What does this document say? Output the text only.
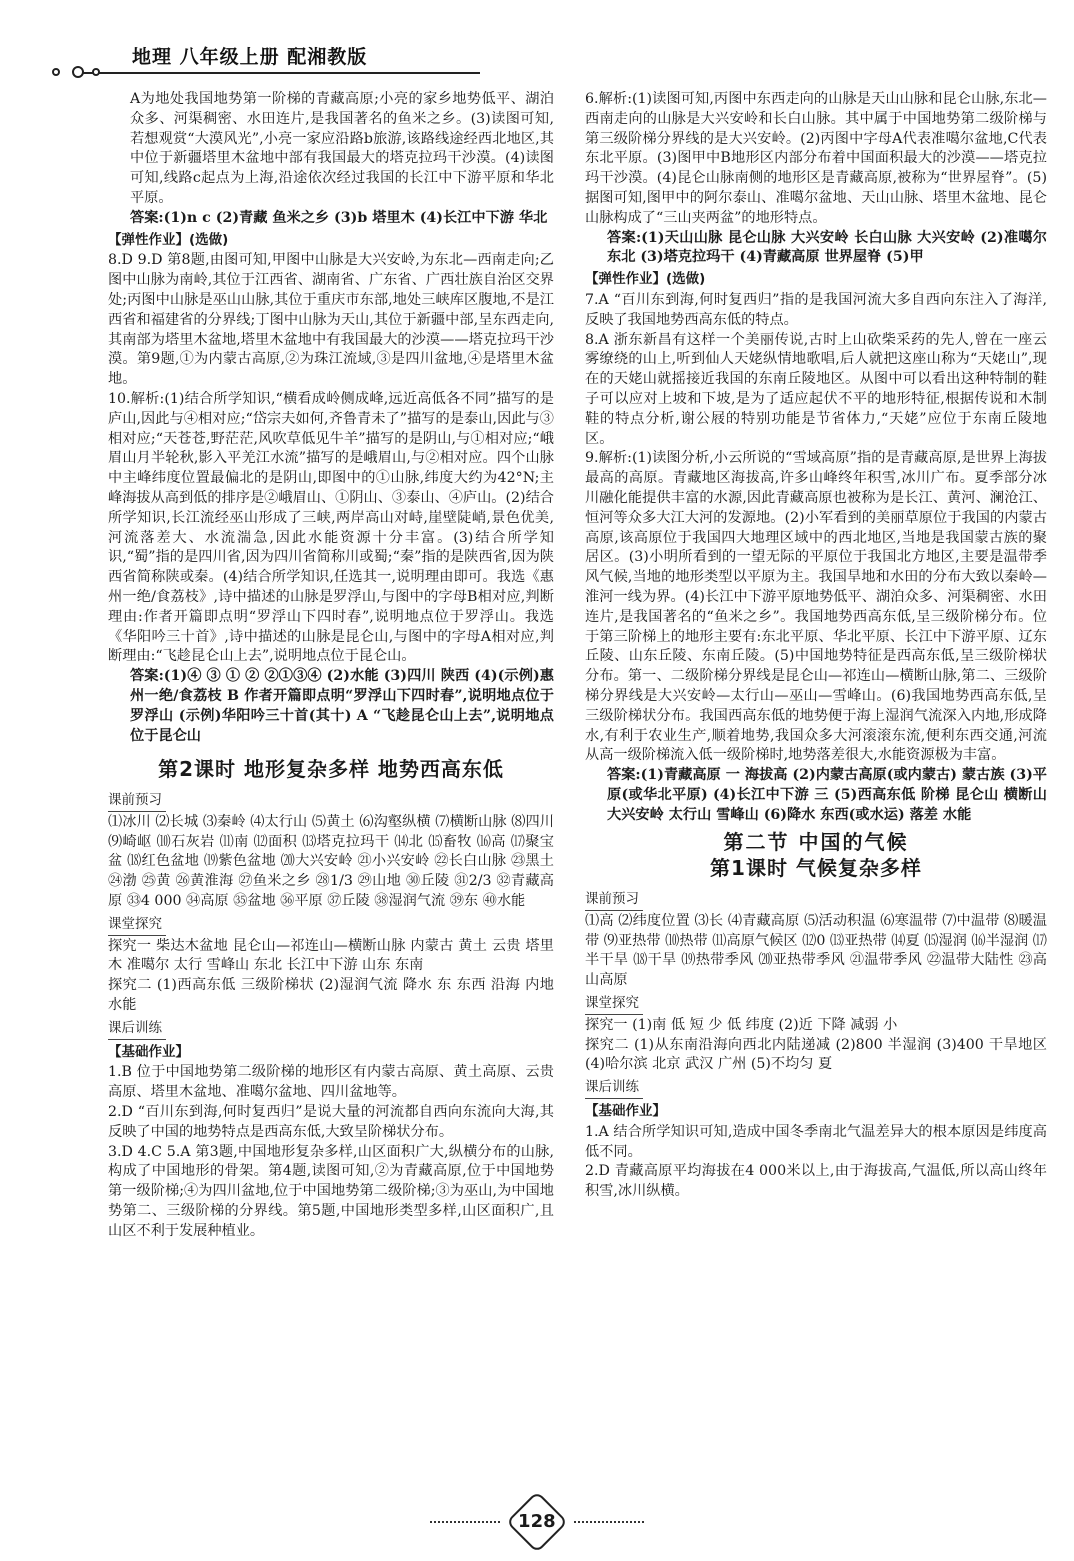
地理 八年级上册 配湘教版

A为地处我国地势第一阶梯的青藏高原;小亮的家乡地势低平、湖泊众多、河渠稠密、水田连片,是我国著名的鱼米之乡。(3)读图可知,若想观赏“大漠风光”,小亮一家应沿路b旅游,该路线途经西北地区,其中位于新疆塔里木盆地中部有我国最大的塔克拉玛干沙漠。(4)读图可知,线路c起点为上海,沿途依次经过我国的长江中下游平原和华北平原。

答案:(1)n c (2)青藏 鱼米之乡 (3)b 塔里木 (4)长江中下游 华北

【弹性作业】(选做)

8.D 9.D 第8题,由图可知,甲图中山脉是大兴安岭,为东北—西南走向;乙图中山脉为南岭,其位于江西省、湖南省、广东省、广西壮族自治区交界处;丙图中山脉是巫山山脉,其位于重庆市东部,地处三峡库区腹地,不是江西省和福建省的分界线;丁图中山脉为天山,其位于新疆中部,呈东西走向,其南部为塔里木盆地,塔里木盆地中有我国最大的沙漠——塔克拉玛干沙漠。第9题,①为内蒙古高原,②为珠江流域,③是四川盆地,④是塔里木盆地。

10.解析:(1)结合所学知识,“横看成岭侧成峰,远近高低各不同”描写的是庐山,因此与④相对应;“岱宗夫如何,齐鲁青未了”描写的是泰山,因此与③相对应;“天苍苍,野茫茫,风吹草低见牛羊”描写的是阴山,与①相对应;“峨眉山月半轮秋,影入平羌江水流”描写的是峨眉山,与②相对应。四个山脉中主峰纬度位置最偏北的是阴山,即图中的①山脉,纬度大约为42°N;主峰海拔从高到低的排序是②峨眉山、①阴山、③泰山、④庐山。(2)结合所学知识,长江流经巫山形成了三峡,两岸高山对峙,崖壁陡峭,景色优美,河流落差大、水流湍急,因此水能资源十分丰富。(3)结合所学知识,“蜀”指的是四川省,因为四川省简称川或蜀;“秦”指的是陕西省,因为陕西省简称陕或秦。(4)结合所学知识,任选其一,说明理由即可。我选《惠州一绝/食荔枝》,诗中描述的山脉是罗浮山,与图中的字母B相对应,判断理由:作者开篇即点明“罗浮山下四时春”,说明地点位于罗浮山。我选《华阳吟三十首》,诗中描述的山脉是昆仑山,与图中的字母A相对应,判断理由:“飞趁昆仑山上去”,说明地点位于昆仑山。

答案:(1)④ ③ ① ② ②①③④ (2)水能 (3)四川 陕西 (4)(示例)惠州一绝/食荔枝 B 作者开篇即点明“罗浮山下四时春”,说明地点位于罗浮山 (示例)华阳吟三十首(其十) A “飞趁昆仑山上去”,说明地点位于昆仑山

第2课时 地形复杂多样 地势西高东低
课前预习

⑴冰川 ⑵长城 ⑶秦岭 ⑷太行山 ⑸黄土 ⑹沟壑纵横 ⑺横断山脉 ⑻四川 ⑼崎岖 ⑽石灰岩 ⑾南 ⑿面积 ⒀塔克拉玛干 ⒁北 ⒂畜牧 ⒃高 ⒄聚宝盆 ⒅红色盆地 ⒆紫色盆地 ⒇大兴安岭 ㉑小兴安岭 ㉒长白山脉 ㉓黑土 ㉔渤 ㉕黄 ㉖黄淮海 ㉗鱼米之乡 ㉘1/3 ㉙山地 ㉚丘陵 ㉛2/3 ㉜青藏高原 ㉝4 000 ㉞高原 ㉟盆地 ㊱平原 ㊲丘陵 ㊳湿润气流 ㊴东 ㊵水能

课堂探究

探究一 柴达木盆地 昆仑山—祁连山—横断山脉 内蒙古 黄土 云贵 塔里木 准噶尔 太行 雪峰山 东北 长江中下游 山东 东南

探究二 (1)西高东低 三级阶梯状 (2)湿润气流 降水 东 东西 沿海 内地 水能

课后训练
【基础作业】

1.B 位于中国地势第二级阶梯的地形区有内蒙古高原、黄土高原、云贵高原、塔里木盆地、准噶尔盆地、四川盆地等。

2.D “百川东到海,何时复西归”是说大量的河流都自西向东流向大海,其反映了中国的地势特点是西高东低,大致呈阶梯状分布。

3.D 4.C 5.A 第3题,中国地形复杂多样,山区面积广大,纵横分布的山脉,构成了中国地形的骨架。第4题,读图可知,②为青藏高原,位于中国地势第一级阶梯;④为四川盆地,位于中国地势第二级阶梯;③为巫山,为中国地势第二、三级阶梯的分界线。第5题,中国地形类型多样,山区面积广,且山区不利于发展种植业。

6.解析:(1)读图可知,丙图中东西走向的山脉是天山山脉和昆仑山脉,东北—西南走向的山脉是大兴安岭和长白山脉。其中属于中国地势第二级阶梯与第三级阶梯分界线的是大兴安岭。(2)丙图中字母A代表准噶尔盆地,C代表东北平原。(3)图甲中B地形区内部分布着中国面积最大的沙漠——塔克拉玛干沙漠。(4)昆仑山脉南侧的地形区是青藏高原,被称为“世界屋脊”。(5)据图可知,图甲中的阿尔泰山、准噶尔盆地、天山山脉、塔里木盆地、昆仑山脉构成了“三山夹两盆”的地形特点。

答案:(1)天山山脉 昆仑山脉 大兴安岭 长白山脉 大兴安岭 (2)准噶尔 东北 (3)塔克拉玛干 (4)青藏高原 世界屋脊 (5)甲

【弹性作业】(选做)

7.A “百川东到海,何时复西归”指的是我国河流大多自西向东注入了海洋,反映了我国地势西高东低的特点。

8.A 浙东新昌有这样一个美丽传说,古时上山砍柴采药的先人,曾在一座云雾缭绕的山上,听到仙人天姥纵情地歌唱,后人就把这座山称为“天姥山”,现在的天姥山就摇接近我国的东南丘陵地区。从图中可以看出这种特制的鞋子可以应对上坡和下坡,是为了适应起伏不平的地形特征,根据传说和木制鞋的特点分析,谢公屐的特别功能是节省体力,“天姥”应位于东南丘陵地区。

9.解析:(1)读图分析,小云所说的“雪域高原”指的是青藏高原,是世界上海拔最高的高原。青藏地区海拔高,许多山峰终年积雪,冰川广布。夏季部分冰川融化能提供丰富的水源,因此青藏高原也被称为是长江、黄河、澜沧江、恒河等众多大江大河的发源地。(2)小军看到的美丽草原位于我国的内蒙古高原,该高原位于我国四大地理区域中的西北地区,当地是我国蒙古族的聚居区。(3)小明所看到的一望无际的平原位于我国北方地区,主要是温带季风气候,当地的地形类型以平原为主。我国旱地和水田的分布大致以秦岭—淮河一线为界。(4)长江中下游平原地势低平、湖泊众多、河渠稠密、水田连片,是我国著名的“鱼米之乡”。我国地势西高东低,呈三级阶梯分布。位于第三阶梯上的地形主要有:东北平原、华北平原、长江中下游平原、辽东丘陵、山东丘陵、东南丘陵。(5)中国地势特征是西高东低,呈三级阶梯状分布。第一、二级阶梯分界线是昆仑山—祁连山—横断山脉,第二、三级阶梯分界线是大兴安岭—太行山—巫山—雪峰山。(6)我国地势西高东低,呈三级阶梯状分布。我国西高东低的地势便于海上湿润气流深入内地,形成降水,有利于农业生产,顺着地势,我国众多大河滚滚东流,便利东西交通,河流从高一级阶梯流入低一级阶梯时,地势落差很大,水能资源极为丰富。

答案:(1)青藏高原 一 海拔高 (2)内蒙古高原(或内蒙古) 蒙古族 (3)平原(或华北平原) (4)长江中下游 三 (5)西高东低 阶梯 昆仑山 横断山 大兴安岭 太行山 雪峰山 (6)降水 东西(或水运) 落差 水能

第二节 中国的气候
第1课时 气候复杂多样
课前预习

⑴高 ⑵纬度位置 ⑶长 ⑷青藏高原 ⑸活动积温 ⑹寒温带 ⑺中温带 ⑻暖温带 ⑼亚热带 ⑽热带 ⑾高原气候区 ⑿0 ⒀亚热带 ⒁夏 ⒂湿润 ⒃半湿润 ⒄半干旱 ⒅干旱 ⒆热带季风 ⒇亚热带季风 ㉑温带季风 ㉒温带大陆性 ㉓高山高原

课堂探究

探究一 (1)南 低 短 少 低 纬度 (2)近 下降 减弱 小

探究二 (1)从东南沿海向西北内陆递减 (2)800 半湿润 (3)400 干旱地区 (4)哈尔滨 北京 武汉 广州 (5)不均匀 夏

课后训练
【基础作业】

1.A 结合所学知识可知,造成中国冬季南北气温差异大的根本原因是纬度高低不同。

2.D 青藏高原平均海拔在4 000米以上,由于海拔高,气温低,所以高山终年积雪,冰川纵横。

128
